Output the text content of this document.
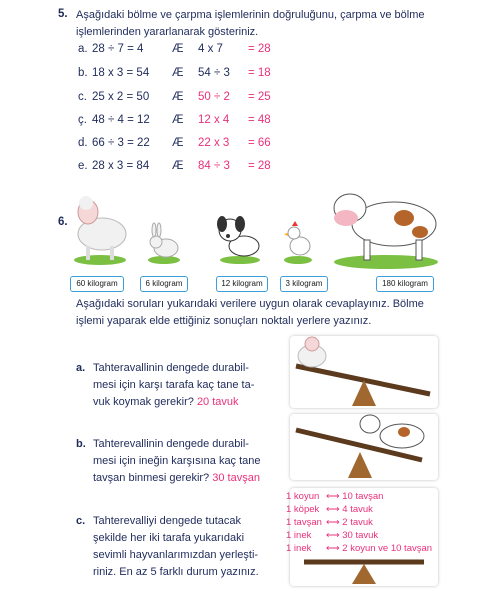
5. Aşağıdaki bölme ve çarpma işlemlerinin doğruluğunu, çarpma ve bölme
işlemlerinden yararlanarak gösteriniz.
a. 28 ÷ 7 = 4 Æ 4 x 7 = 28
b. 18 x 3 = 54 Æ 54 ÷ 3 = 18
c. 25 x 2 = 50 Æ 50 ÷ 2 = 25
ç. 48 ÷ 4 = 12 Æ 12 x 4 = 48
d. 66 ÷ 3 = 22 Æ 22 x 3 = 66
e. 28 x 3 = 84 Æ 84 ÷ 3 = 28
6.
60 kilogram	6 kilogram	12 kilogram	3 kilogram	180 kilogram
Aşağıdaki soruları yukarıdaki verilere uygun olarak cevaplayınız. Bölme
işlemi yaparak elde ettiğiniz sonuçları noktalı yerlere yazınız.
a. Tahteravallinin dengede durabil-
mesi için karşı tarafa kaç tane ta-
vuk koymak gerekir? 20 tavuk
b. Tahterevallinin dengede durabil-
mesi için ineğin karşısına kaç tane
tavşan binmesi gerekir? 30 tavşan
c. Tahterevalliyi dengede tutacak
şekilde her iki tarafa yukarıdaki
sevimli hayvanlarımızdan yerleşti-
riniz. En az 5 farklı durum yazınız.
1 koyun ⟷ 10 tavşan
1 köpek ⟷ 4 tavuk
1 tavşan ⟷ 2 tavuk
1 inek ⟷ 30 tavuk
1 inek ⟷ 2 koyun ve 10 tavşan
